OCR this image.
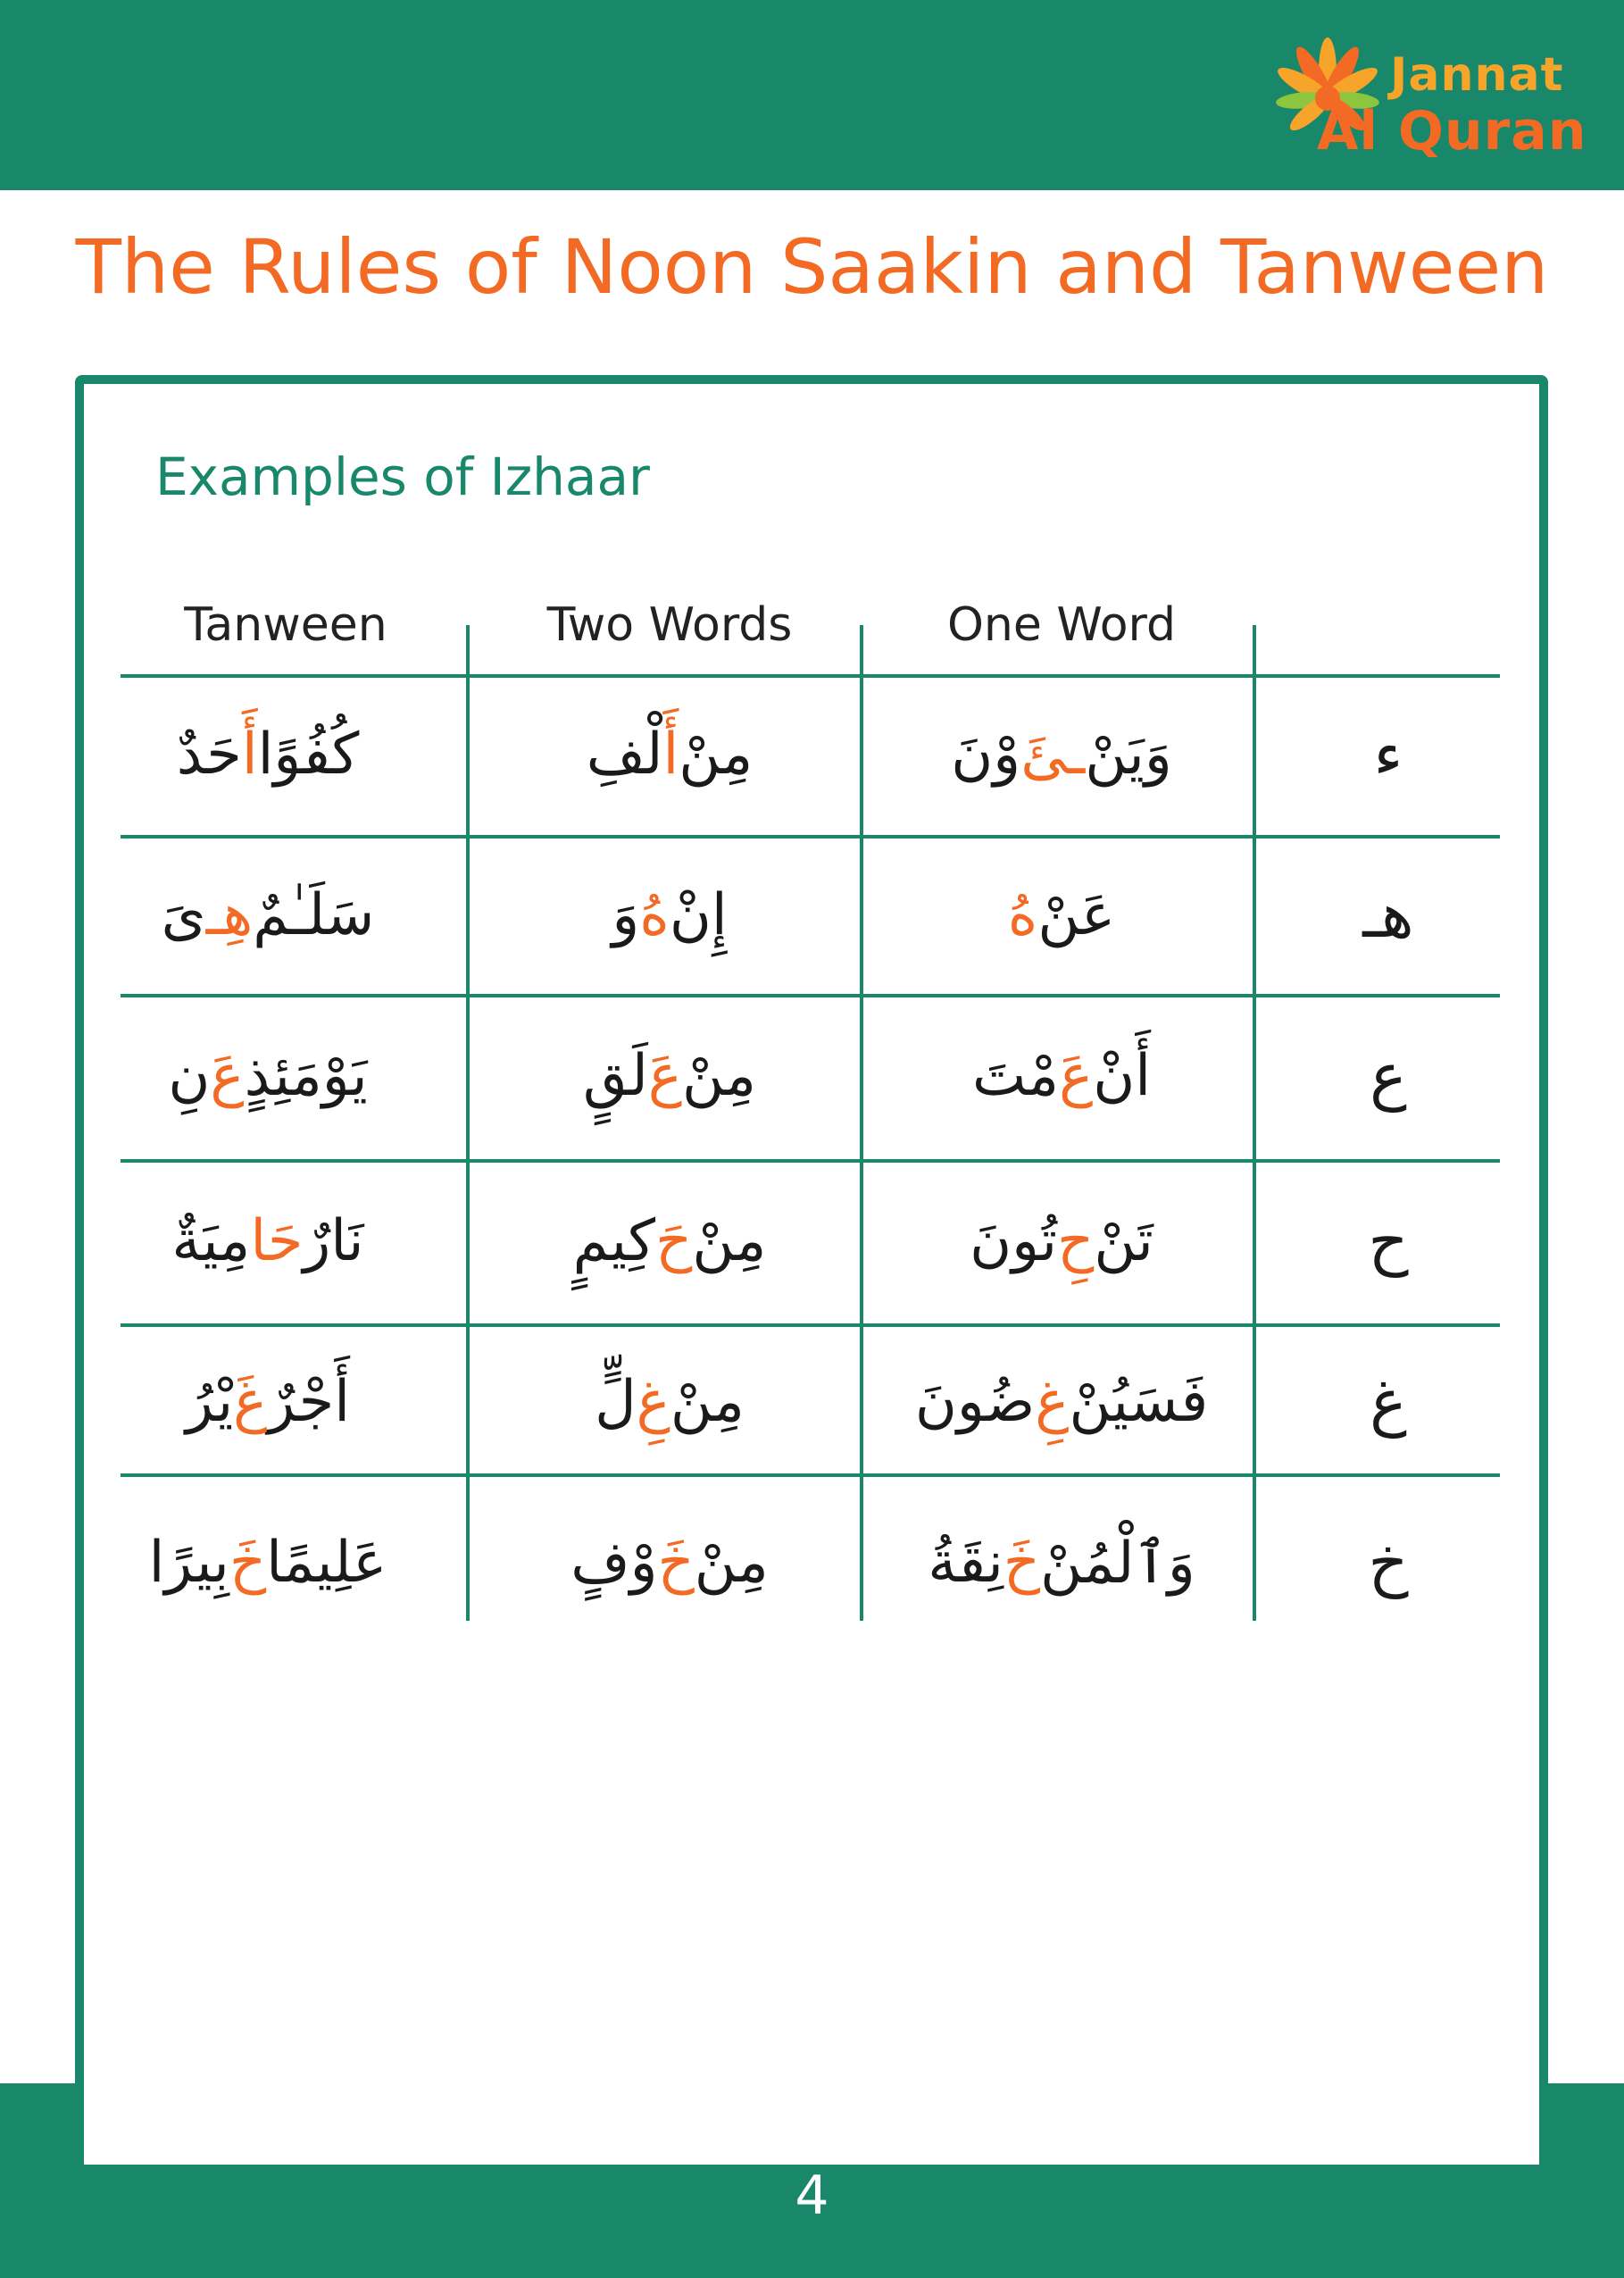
Jannat
Al Quran
The Rules of Noon Saakin and Tanween
Examples of Izhaar
Tanween	Two Words	One Word
ء
وَيَنْ
ـئَ
وْنَ
مِنْ
أَ
لْفِ
كُفُوًا
أَ
حَدٌ
هـ
عَنْ
هُ
إِنْ
هُ
وَ
سَلَـٰمٌ
هِـ
ىَ
ع
أَنْ
عَ
مْتَ
مِنْ
عَ
لَقٍ
يَوْمَئِذٍ
عَ
نِ
ح
تَنْ
حِ
تُونَ
مِنْ
حَ
كِيمٍ
نَارٌ
حَا
مِيَةٌ
غ
فَسَيُنْ
غِ
ضُونَ
مِنْ
غِ
لٍّ
أَجْرٌ
غَ
يْرُ
خ
وَٱلْمُنْ
خَ
نِقَةُ
مِنْ
خَ
وْفٍ
عَلِيمًا
خَ
بِيرًا
4
